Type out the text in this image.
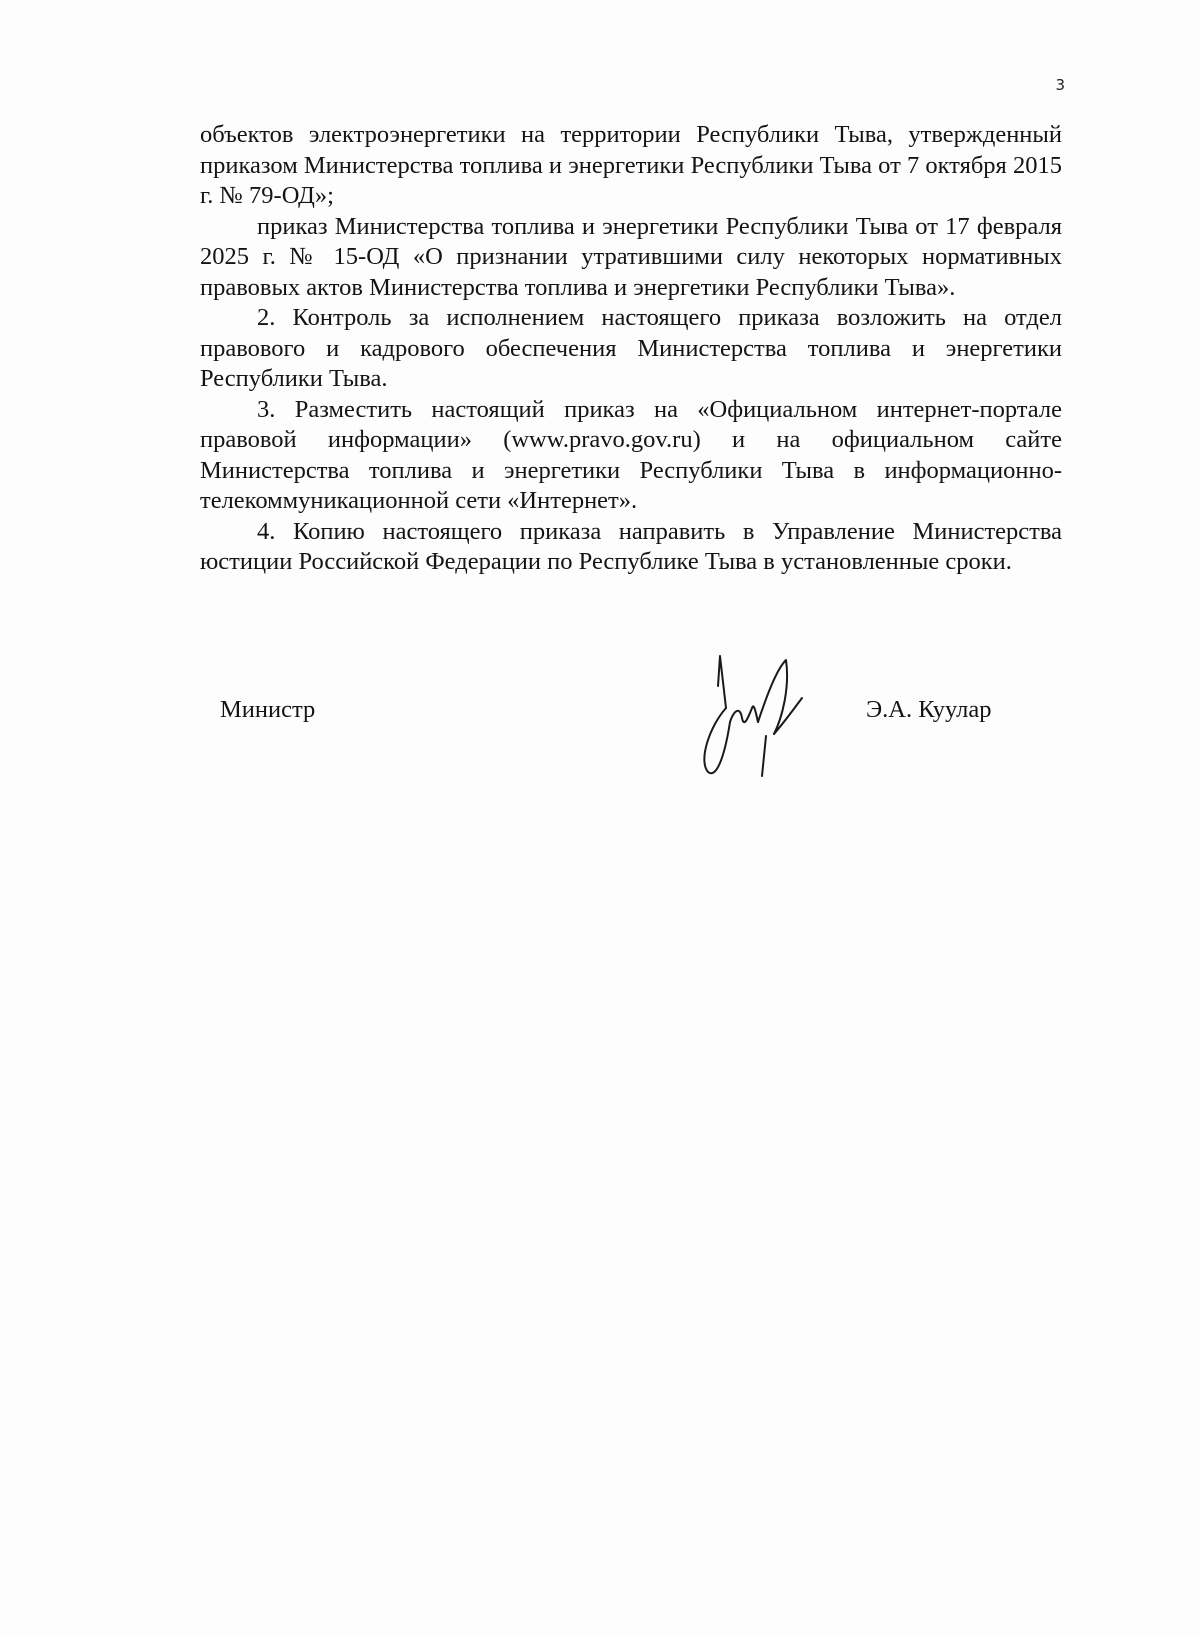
3

объектов электроэнергетики на территории Республики Тыва, утвержденный приказом Министерства топлива и энергетики Республики Тыва от 7 октября 2015 г. № 79-ОД»;

приказ Министерства топлива и энергетики Республики Тыва от 17 февраля 2025 г. № 15-ОД «О признании утратившими силу некоторых нормативных правовых актов Министерства топлива и энергетики Республики Тыва».

2. Контроль за исполнением настоящего приказа возложить на отдел правового и кадрового обеспечения Министерства топлива и энергетики Республики Тыва.

3. Разместить настоящий приказ на «Официальном интернет-портале правовой информации» (www.pravo.gov.ru) и на официальном сайте Министерства топлива и энергетики Республики Тыва в информационно-телекоммуникационной сети «Интернет».

4. Копию настоящего приказа направить в Управление Министерства юстиции Российской Федерации по Республике Тыва в установленные сроки.

Министр	Э.А. Куулар
